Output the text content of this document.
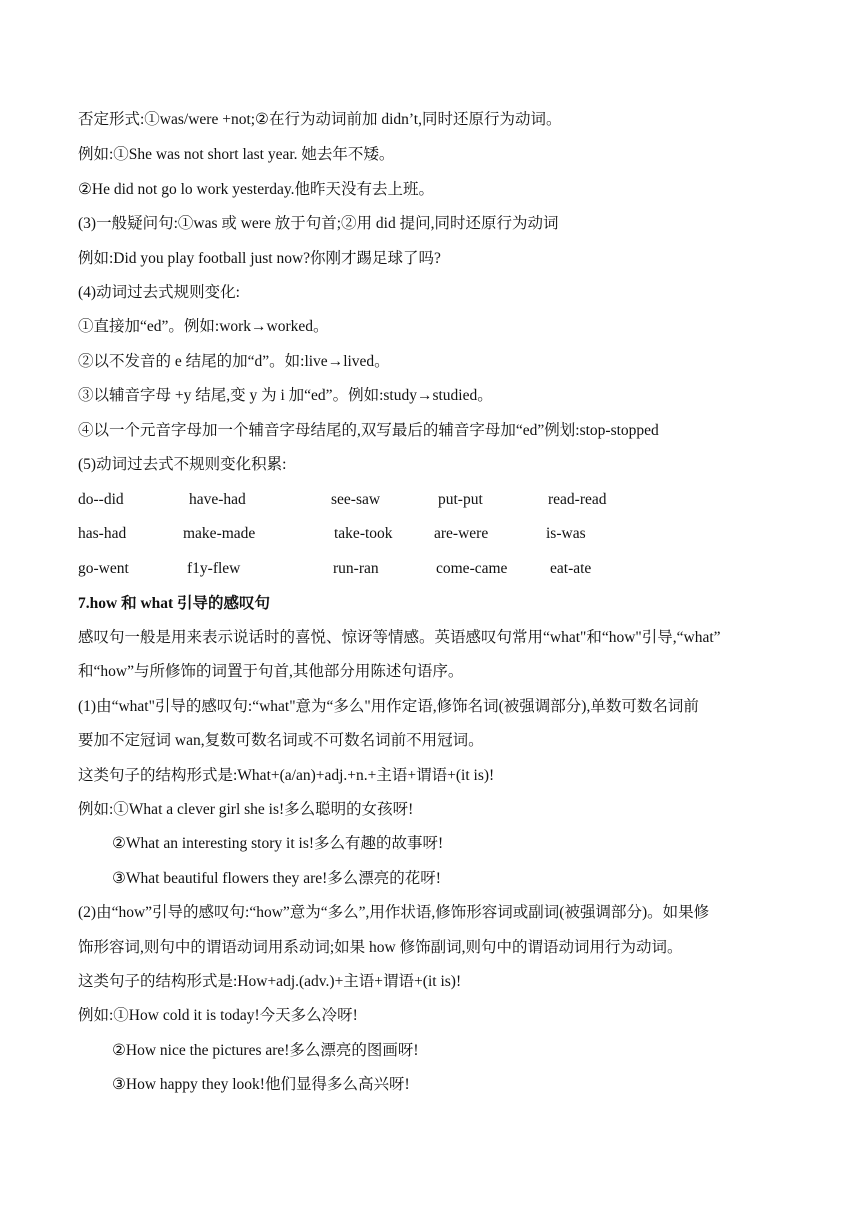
否定形式:①was/were +not;②在行为动词前加 didn’t,同时还原行为动词。
例如:①She was not short last year. 她去年不矮。
②He did not go lo work yesterday.他昨天没有去上班。
(3)一般疑问句:①was 或 were 放于句首;②用 did 提问,同时还原行为动词
例如:Did you play football just now?你刚才踢足球了吗?
(4)动词过去式规则变化:
①直接加“ed”。例如:work→worked。
②以不发音的 e 结尾的加“d”。如:live→lived。
③以辅音字母 +y 结尾,变 y 为 i 加“ed”。例如:study→studied。
④以一个元音字母加一个辅音字母结尾的,双写最后的辅音字母加“ed”例划:stop-stopped
(5)动词过去式不规则变化积累:
do--did	have-had	see-saw	put-put	read-read
has-had	make-made	take-took	are-were	is-was
go-went	f1y-flew	run-ran	come-came	eat-ate
7.how 和 what 引导的感叹句
感叹句一般是用来表示说话时的喜悦、惊讶等情感。英语感叹句常用“what"和“how"引导,“what”
和“how”与所修饰的词置于句首,其他部分用陈述句语序。
(1)由“what"引导的感叹句:“what"意为“多么"用作定语,修饰名词(被强调部分),单数可数名词前
要加不定冠词 wan,复数可数名词或不可数名词前不用冠词。
这类句子的结构形式是:What+(a/an)+adj.+n.+主语+谓语+(it is)!
例如:①What a clever girl she is!多么聪明的女孩呀!
②What an interesting story it is!多么有趣的故事呀!
③What beautiful flowers they are!多么漂亮的花呀!
(2)由“how”引导的感叹句:“how”意为“多么”,用作状语,修饰形容词或副词(被强调部分)。如果修
饰形容词,则句中的谓语动词用系动词;如果 how 修饰副词,则句中的谓语动词用行为动词。
这类句子的结构形式是:How+adj.(adv.)+主语+谓语+(it is)!
例如:①How cold it is today!今天多么冷呀!
②How nice the pictures are!多么漂亮的图画呀!
③How happy they look!他们显得多么高兴呀!
